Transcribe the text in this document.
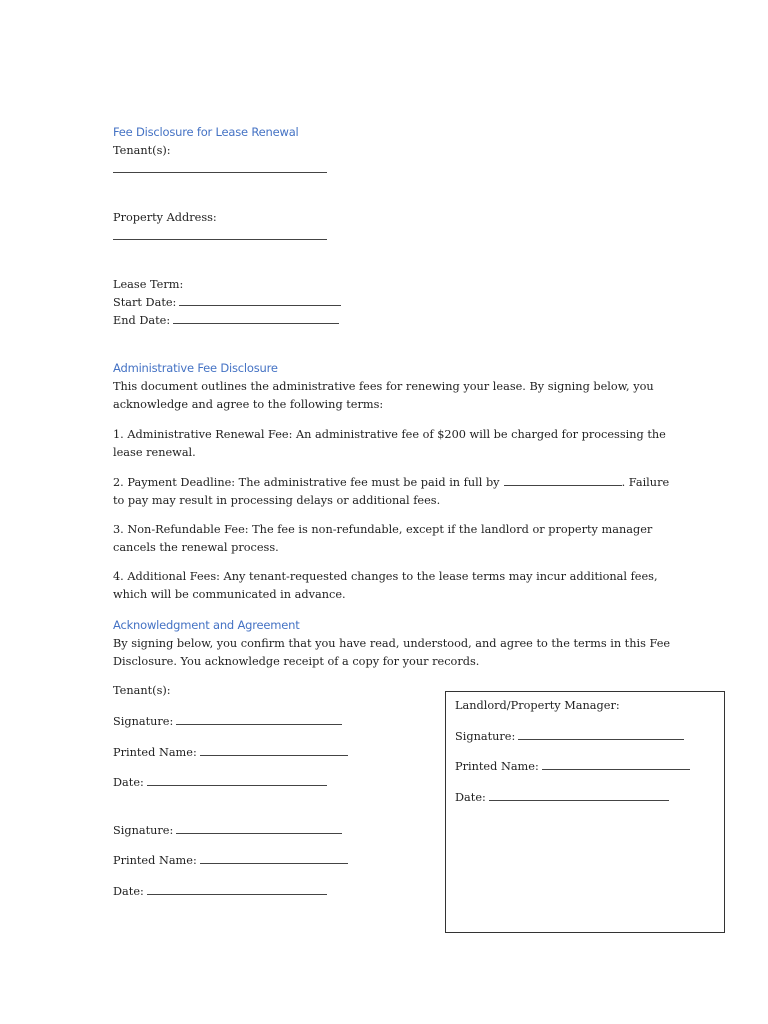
Fee Disclosure for Lease Renewal
Tenant(s):
Property Address:
Lease Term:
Start Date:
End Date:
Administrative Fee Disclosure
This document outlines the administrative fees for renewing your lease. By signing below, you acknowledge and agree to the following terms:
1. Administrative Renewal Fee: An administrative fee of $200 will be charged for processing the lease renewal.
2. Payment Deadline: The administrative fee must be paid in full by	. Failure to pay may result in processing delays or additional fees.
3. Non-Refundable Fee: The fee is non-refundable, except if the landlord or property manager cancels the renewal process.
4. Additional Fees: Any tenant-requested changes to the lease terms may incur additional fees, which will be communicated in advance.
Acknowledgment and Agreement
By signing below, you confirm that you have read, understood, and agree to the terms in this Fee Disclosure. You acknowledge receipt of a copy for your records.
Tenant(s):
Signature:
Printed Name:
Date:
Signature:
Printed Name:
Date:
Landlord/Property Manager:
Signature:
Printed Name:
Date:
